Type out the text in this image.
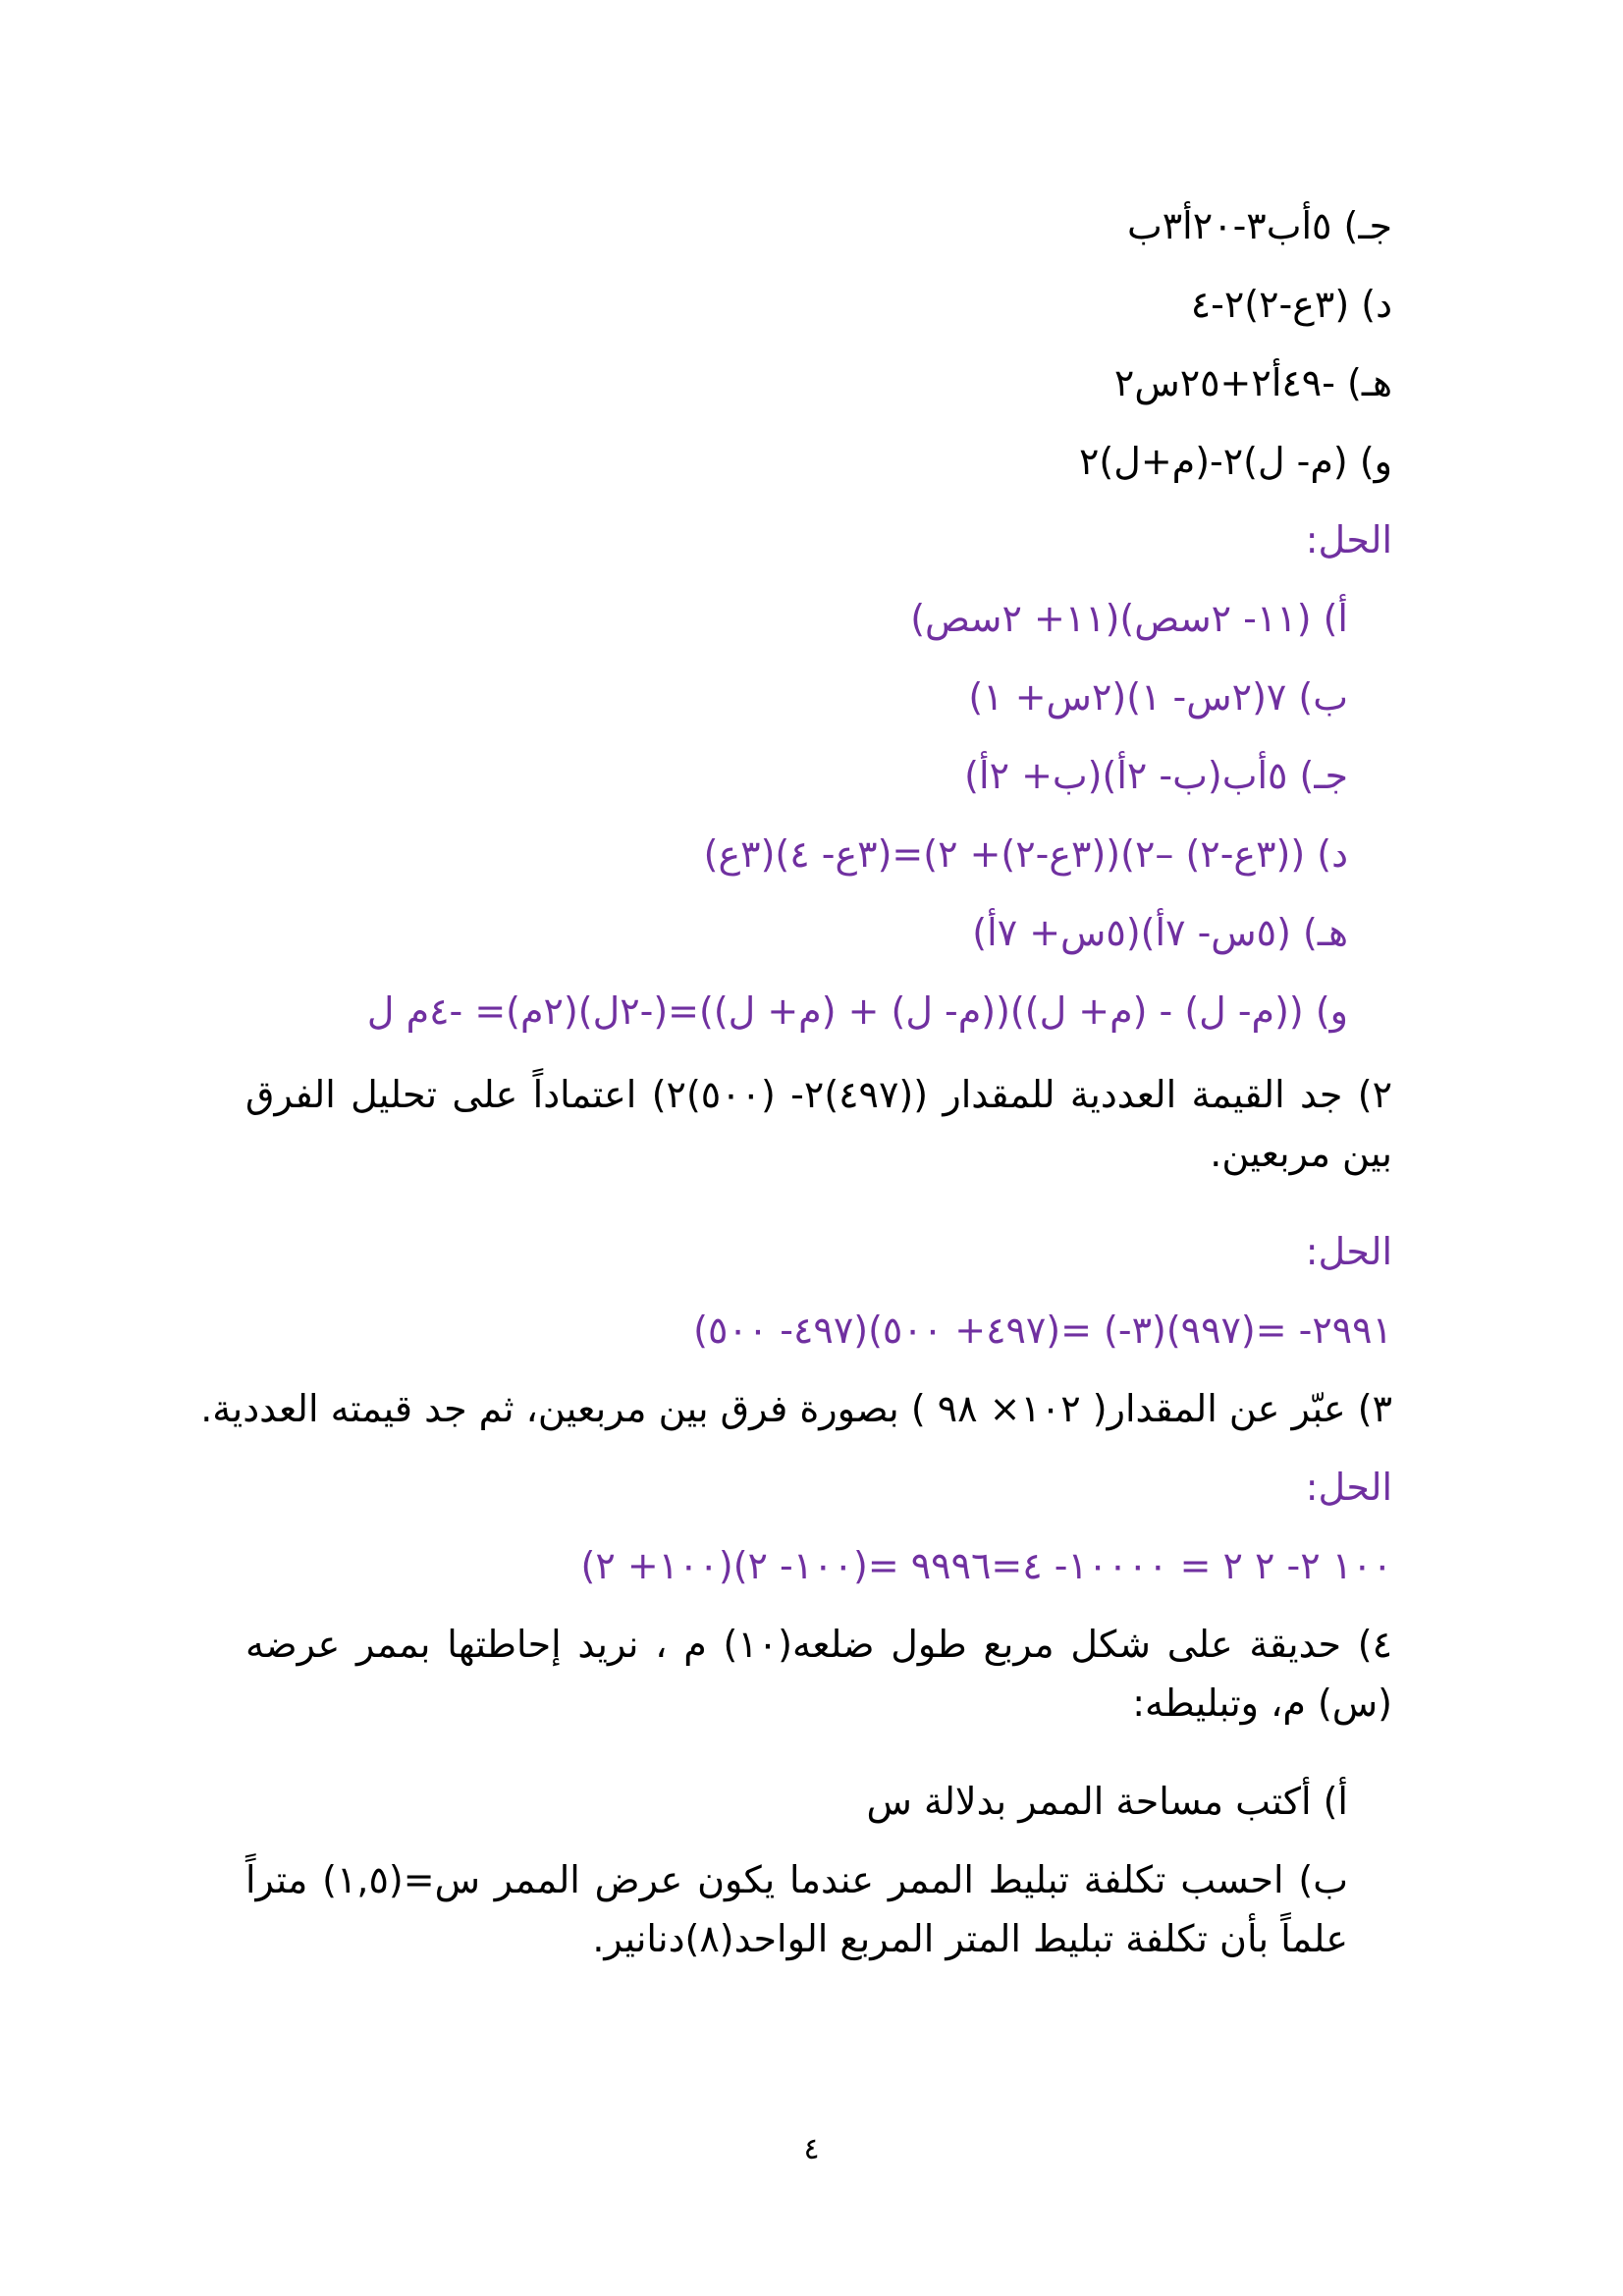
جـ) ٥أب٣-٢٠أ٣ب
د) (٣ع-٢)٢-٤
هـ) -٤٩أ٢+٢٥س٢
و) (م- ل)٢-(م+ل)٢
الحل:
أ) (١١- ٢سص)(١١+ ٢سص)
ب) ٧(٢س- ١)(٢س+ ١)
جـ) ٥أب(ب- ٢أ)(ب+ ٢أ)
د) ((٣ع-٢) –٢)((٣ع-٢)+ ٢)=(٣ع- ٤)(٣ع)
هـ) (٥س- ٧أ)(٥س+ ٧أ)
و) ((م- ل) - (م+ ل))((م- ل) + (م+ ل))=(-٢ل)(٢م)= -٤م ل
٢) جد القيمة العددية للمقدار ((٤٩٧)٢- (٥٠٠)٢) اعتماداً على تحليل الفرق بين مربعين.
الحل:
(٤٩٧- ٥٠٠)(٤٩٧+ ٥٠٠)= (-٣)(٩٩٧)= -٢٩٩١
٣) عبّر عن المقدار( ١٠٢× ٩٨ ) بصورة فرق بين مربعين، ثم جد قيمته العددية.
الحل:
(١٠٠+ ٢)(١٠٠- ٢)= ١٠٠ ٢- ٢ ٢ = ١٠٠٠٠- ٤=٩٩٩٦
٤) حديقة على شكل مربع طول ضلعه(١٠) م ، نريد إحاطتها بممر عرضه (س) م، وتبليطه:
أ) أكتب مساحة الممر بدلالة س
ب) احسب تكلفة تبليط الممر عندما يكون عرض الممر س=(١,٥) متراً علماً بأن تكلفة تبليط المتر المربع الواحد(٨)دنانير.
٤
